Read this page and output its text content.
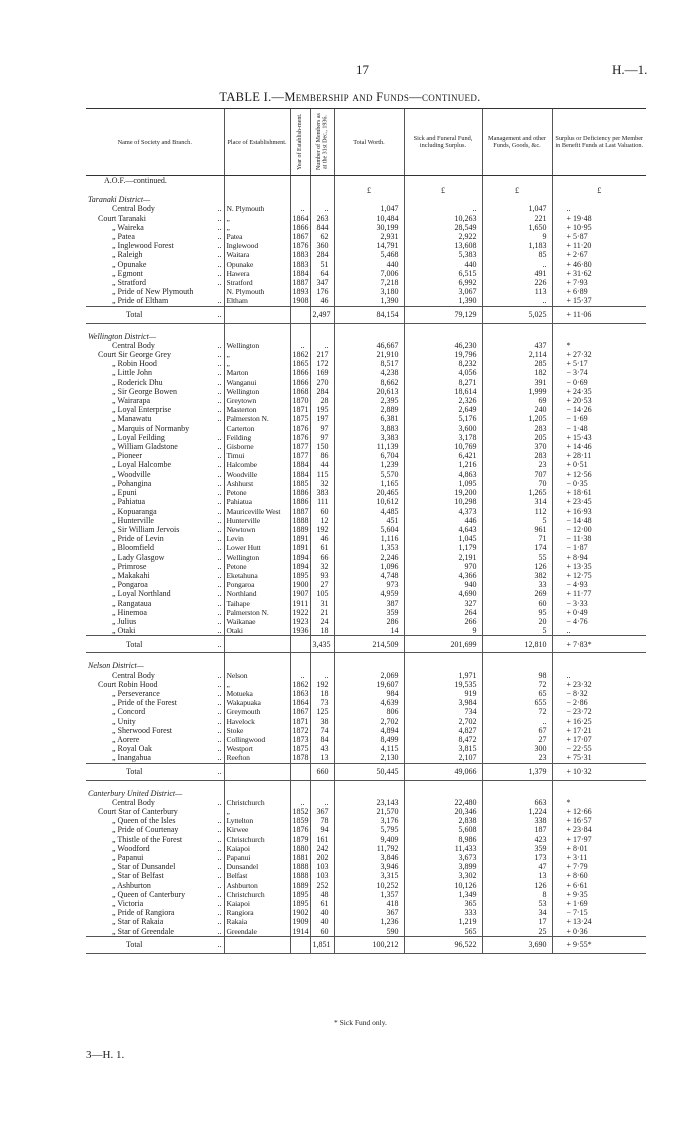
17	H.—1.
TABLE I.—Membership and Funds—continued.
Name of Society and Branch.	Place of Establishment.	Year of Establish-ment.	Number of Members as at the 31st Dec., 1936.	Total Worth.	Sick and Funeral Fund, including Surplus.	Management and other Funds, Goods, &c.	Surplus or Deficiency per Member in Benefit Funds at Last Valuation.
A.O.F.—continued.							
				£	£	£	£
Taranaki District—							
Central Body ..	N. Plymouth	..	..	1,047	..	1,047	..
Court Taranaki ..	„	1864	263	10,484	10,263	221	+ 19·48
„ Waireka ..	„	1866	844	30,199	28,549	1,650	+ 10·95
„ Patea ..	Patea	1867	62	2,931	2,922	9	+ 5·87
„ Inglewood Forest ..	Inglewood	1876	360	14,791	13,608	1,183	+ 11·20
„ Raleigh ..	Waitara	1883	284	5,468	5,383	85	+ 2·67
„ Opunake ..	Opunake	1883	51	440	440	..	+ 46·80
„ Egmont ..	Hawera	1884	64	7,006	6,515	491	+ 31·62
„ Stratford ..	Stratford	1887	347	7,218	6,992	226	+ 7·93
„ Pride of New Plymouth	N. Plymouth	1893	176	3,180	3,067	113	+ 6·89
„ Pride of Eltham ..	Eltham	1908	46	1,390	1,390	..	+ 15·37
Total ..			2,497	84,154	79,129	5,025	+ 11·06

Wellington District—							
Central Body ..	Wellington	..	..	46,667	46,230	437	*
Court Sir George Grey ..	„	1862	217	21,910	19,796	2,114	+ 27·32
„ Robin Hood ..	„	1865	172	8,517	8,232	285	+ 5·17
„ Little John ..	Marton	1866	169	4,238	4,056	182	− 3·74
„ Roderick Dhu ..	Wanganui	1866	270	8,662	8,271	391	− 0·69
„ Sir George Bowen ..	Wellington	1868	284	20,613	18,614	1,999	+ 24·35
„ Wairarapa ..	Greytown	1870	28	2,395	2,326	69	+ 20·53
„ Loyal Enterprise ..	Masterton	1871	195	2,889	2,649	240	− 14·26
„ Manawatu ..	Palmerston N.	1875	197	6,381	5,176	1,205	− 1·69
„ Marquis of Normanby	Carterton	1876	97	3,883	3,600	283	− 1·48
„ Loyal Feilding ..	Feilding	1876	97	3,383	3,178	205	+ 15·43
„ William Gladstone ..	Gisborne	1877	150	11,139	10,769	370	+ 14·46
„ Pioneer ..	Timui	1877	86	6,704	6,421	283	+ 28·11
„ Loyal Halcombe ..	Halcombe	1884	44	1,239	1,216	23	+ 0·51
„ Woodville ..	Woodville	1884	115	5,570	4,863	707	+ 12·56
„ Pohangina ..	Ashhurst	1885	32	1,165	1,095	70	− 0·35
„ Epuni ..	Petone	1886	383	20,465	19,200	1,265	+ 18·61
„ Pahiatua ..	Pahiatua	1886	111	10,612	10,298	314	+ 23·45
„ Kopuaranga ..	Mauriceville West	1887	60	4,485	4,373	112	+ 16·93
„ Hunterville ..	Hunterville	1888	12	451	446	5	− 14·48
„ Sir William Jervois ..	Newtown	1889	192	5,604	4,643	961	− 12·00
„ Pride of Levin ..	Levin	1891	46	1,116	1,045	71	− 11·38
„ Bloomfield ..	Lower Hutt	1891	61	1,353	1,179	174	− 1·87
„ Lady Glasgow ..	Wellington	1894	66	2,246	2,191	55	+ 8·94
„ Primrose ..	Petone	1894	32	1,096	970	126	+ 13·35
„ Makakahi ..	Eketahuna	1895	93	4,748	4,366	382	+ 12·75
„ Pongaroa ..	Pongaroa	1900	27	973	940	33	− 4·93
„ Loyal Northland ..	Northland	1907	105	4,959	4,690	269	+ 11·77
„ Rangataua ..	Taihape	1911	31	387	327	60	− 3·33
„ Hinemoa ..	Palmerston N.	1922	21	359	264	95	+ 0·49
„ Julius ..	Waikanae	1923	24	286	266	20	− 4·76
„ Otaki ..	Otaki	1936	18	14	9	5	..
Total ..			3,435	214,509	201,699	12,810	+ 7·83*

Nelson District—							
Central Body ..	Nelson	..	..	2,069	1,971	98	..
Court Robin Hood ..	„	1862	192	19,607	19,535	72	+ 23·32
„ Perseverance ..	Motueka	1863	18	984	919	65	− 8·32
„ Pride of the Forest ..	Wakapuaka	1864	73	4,639	3,984	655	− 2·86
„ Concord ..	Greymouth	1867	125	806	734	72	− 23·72
„ Unity ..	Havelock	1871	38	2,702	2,702	..	+ 16·25
„ Sherwood Forest ..	Stoke	1872	74	4,894	4,827	67	+ 17·21
„ Aorere ..	Collingwood	1873	84	8,499	8,472	27	+ 17·07
„ Royal Oak ..	Westport	1875	43	4,115	3,815	300	− 22·55
„ Inangahua ..	Reefton	1878	13	2,130	2,107	23	+ 75·31
Total ..			660	50,445	49,066	1,379	+ 10·32

Canterbury United District—							
Central Body ..	Christchurch	..	..	23,143	22,480	663	*
Court Star of Canterbury	„	1852	367	21,570	20,346	1,224	+ 12·66
„ Queen of the Isles ..	Lyttelton	1859	78	3,176	2,838	338	+ 16·57
„ Pride of Courtenay ..	Kirwee	1876	94	5,795	5,608	187	+ 23·84
„ Thistle of the Forest ..	Christchurch	1879	161	9,409	8,986	423	+ 17·97
„ Woodford ..	Kaiapoi	1880	242	11,792	11,433	359	+ 8·01
„ Papanui ..	Papanui	1881	202	3,846	3,673	173	+ 3·11
„ Star of Dunsandel ..	Dunsandel	1888	103	3,946	3,899	47	+ 7·79
„ Star of Belfast ..	Belfast	1888	103	3,315	3,302	13	+ 8·60
„ Ashburton ..	Ashburton	1889	252	10,252	10,126	126	+ 6·61
„ Queen of Canterbury ..	Christchurch	1895	48	1,357	1,349	8	+ 9·35
„ Victoria ..	Kaiapoi	1895	61	418	365	53	+ 1·69
„ Pride of Rangiora ..	Rangiora	1902	40	367	333	34	− 7·15
„ Star of Rakaia ..	Rakaia	1909	40	1,236	1,219	17	+ 13·24
„ Star of Greendale ..	Greendale	1914	60	590	565	25	+ 0·36
Total ..			1,851	100,212	96,522	3,690	+ 9·55*
* Sick Fund only.
3—H. 1.
